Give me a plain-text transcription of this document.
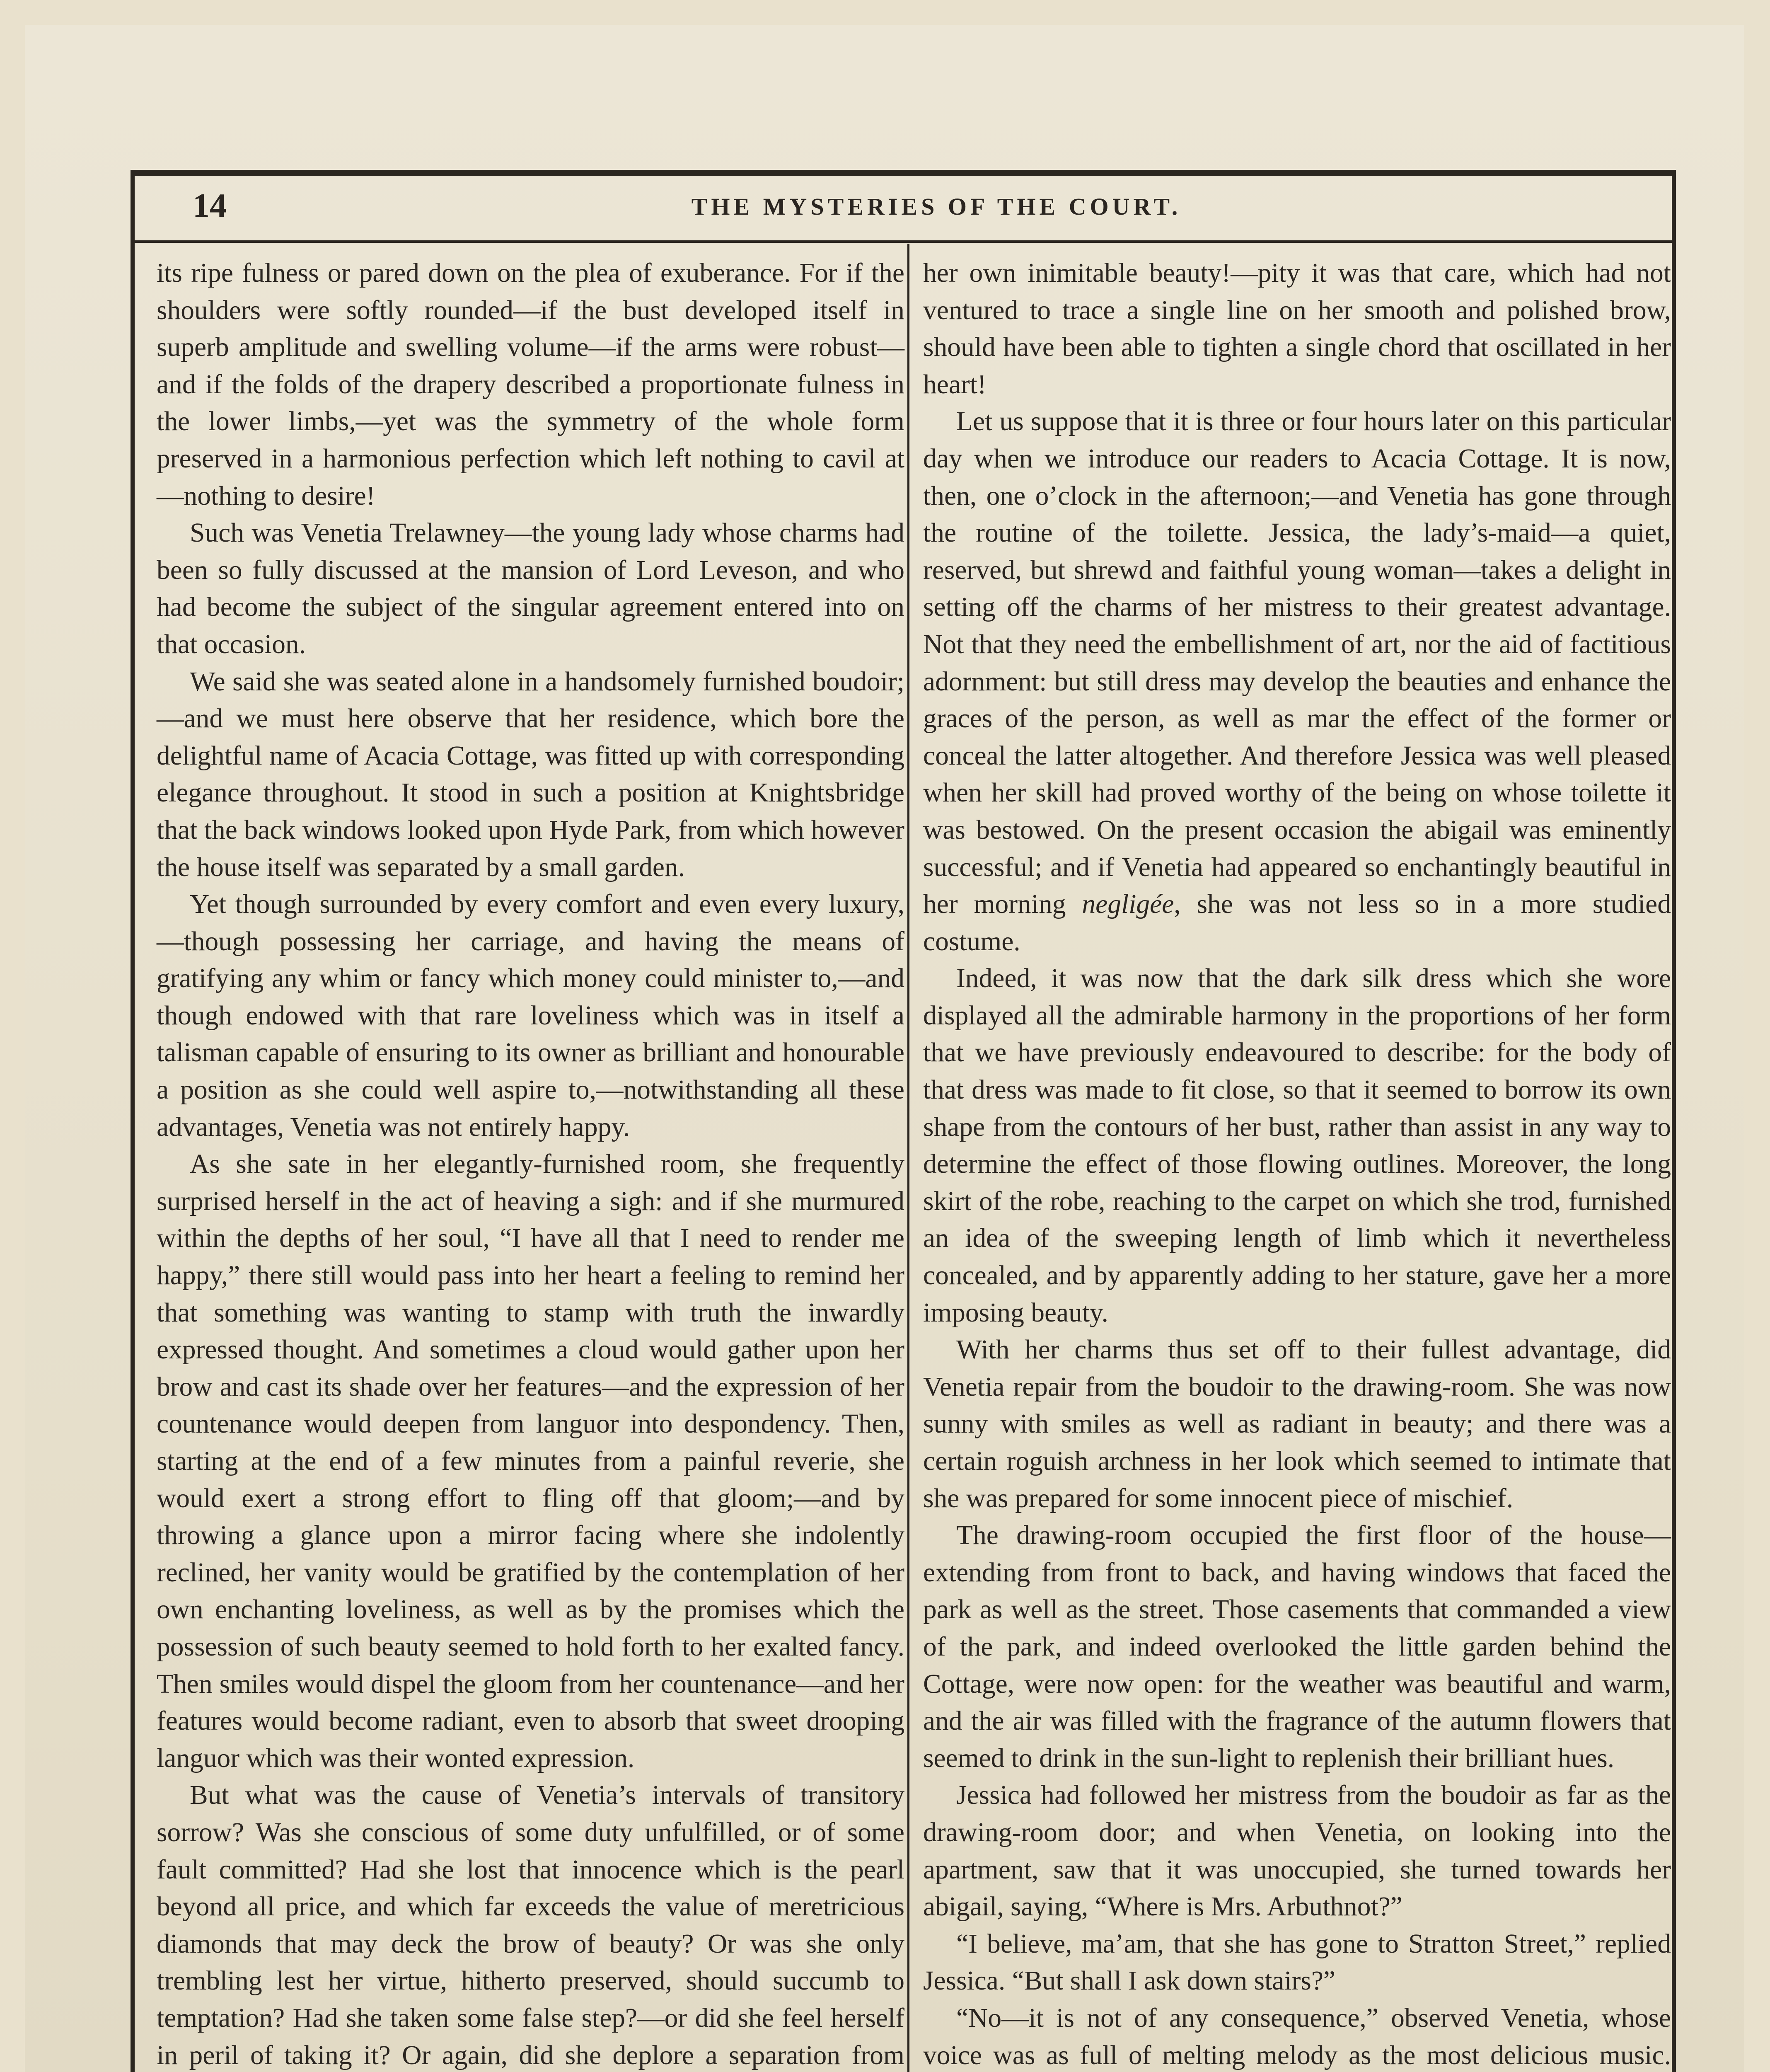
14	THE MYSTERIES OF THE COURT.

its ripe fulness or pared down on the plea of exuberance. For if the shoulders were softly rounded—if the bust developed itself in superb amplitude and swelling volume—if the arms were robust—and if the folds of the drapery described a proportionate fulness in the lower limbs,—yet was the symmetry of the whole form preserved in a harmonious perfection which left nothing to cavil at—nothing to desire!

Such was Venetia Trelawney—the young lady whose charms had been so fully discussed at the mansion of Lord Leveson, and who had become the subject of the singular agreement entered into on that occasion.

We said she was seated alone in a handsomely furnished boudoir;—and we must here observe that her residence, which bore the delightful name of Acacia Cottage, was fitted up with corresponding elegance throughout. It stood in such a position at Knightsbridge that the back windows looked upon Hyde Park, from which however the house itself was separated by a small garden.

Yet though surrounded by every comfort and even every luxury,—though possessing her carriage, and having the means of gratifying any whim or fancy which money could minister to,—and though endowed with that rare loveliness which was in itself a talisman capable of ensuring to its owner as brilliant and honourable a position as she could well aspire to,—notwithstanding all these advantages, Venetia was not entirely happy.

As she sate in her elegantly-furnished room, she frequently surprised herself in the act of heaving a sigh: and if she murmured within the depths of her soul, “I have all that I need to render me happy,” there still would pass into her heart a feeling to remind her that something was wanting to stamp with truth the inwardly expressed thought. And sometimes a cloud would gather upon her brow and cast its shade over her features—and the expression of her countenance would deepen from languor into despondency. Then, starting at the end of a few minutes from a painful reverie, she would exert a strong effort to fling off that gloom;—and by throwing a glance upon a mirror facing where she indolently reclined, her vanity would be gratified by the contemplation of her own enchanting loveliness, as well as by the promises which the possession of such beauty seemed to hold forth to her exalted fancy. Then smiles would dispel the gloom from her countenance—and her features would become radiant, even to absorb that sweet drooping languor which was their wonted expression.

But what was the cause of Venetia’s intervals of transitory sorrow? Was she conscious of some duty unfulfilled, or of some fault committed? Had she lost that innocence which is the pearl beyond all price, and which far exceeds the value of meretricious diamonds that may deck the brow of beauty? Or was she only trembling lest her virtue, hitherto preserved, should succumb to temptation? Had she taken some false step?—or did she feel herself in peril of taking it? Or again, did she deplore a separation from

her own inimitable beauty!—pity it was that care, which had not ventured to trace a single line on her smooth and polished brow, should have been able to tighten a single chord that oscillated in her heart!

Let us suppose that it is three or four hours later on this particular day when we introduce our readers to Acacia Cottage. It is now, then, one o’clock in the afternoon;—and Venetia has gone through the routine of the toilette. Jessica, the lady’s-maid—a quiet, reserved, but shrewd and faithful young woman—takes a delight in setting off the charms of her mistress to their greatest advantage. Not that they need the embellishment of art, nor the aid of factitious adornment: but still dress may develop the beauties and enhance the graces of the person, as well as mar the effect of the former or conceal the latter altogether. And therefore Jessica was well pleased when her skill had proved worthy of the being on whose toilette it was bestowed. On the present occasion the abigail was eminently successful; and if Venetia had appeared so enchantingly beautiful in her morning negligée, she was not less so in a more studied costume.

Indeed, it was now that the dark silk dress which she wore displayed all the admirable harmony in the proportions of her form that we have previously endeavoured to describe: for the body of that dress was made to fit close, so that it seemed to borrow its own shape from the contours of her bust, rather than assist in any way to determine the effect of those flowing outlines. Moreover, the long skirt of the robe, reaching to the carpet on which she trod, furnished an idea of the sweeping length of limb which it nevertheless concealed, and by apparently adding to her stature, gave her a more imposing beauty.

With her charms thus set off to their fullest advantage, did Venetia repair from the boudoir to the drawing-room. She was now sunny with smiles as well as radiant in beauty; and there was a certain roguish archness in her look which seemed to intimate that she was prepared for some innocent piece of mischief.

The drawing-room occupied the first floor of the house—extending from front to back, and having windows that faced the park as well as the street. Those casements that commanded a view of the park, and indeed overlooked the little garden behind the Cottage, were now open: for the weather was beautiful and warm, and the air was filled with the fragrance of the autumn flowers that seemed to drink in the sun-light to replenish their brilliant hues.

Jessica had followed her mistress from the boudoir as far as the drawing-room door; and when Venetia, on looking into the apartment, saw that it was unoccupied, she turned towards her abigail, saying, “Where is Mrs. Arbuthnot?”

“I believe, ma’am, that she has gone to Stratton Street,” replied Jessica. “But shall I ask down stairs?”

“No—it is not of any consequence,” observed Venetia, whose voice was as full of melting melody as the most delicious music.
